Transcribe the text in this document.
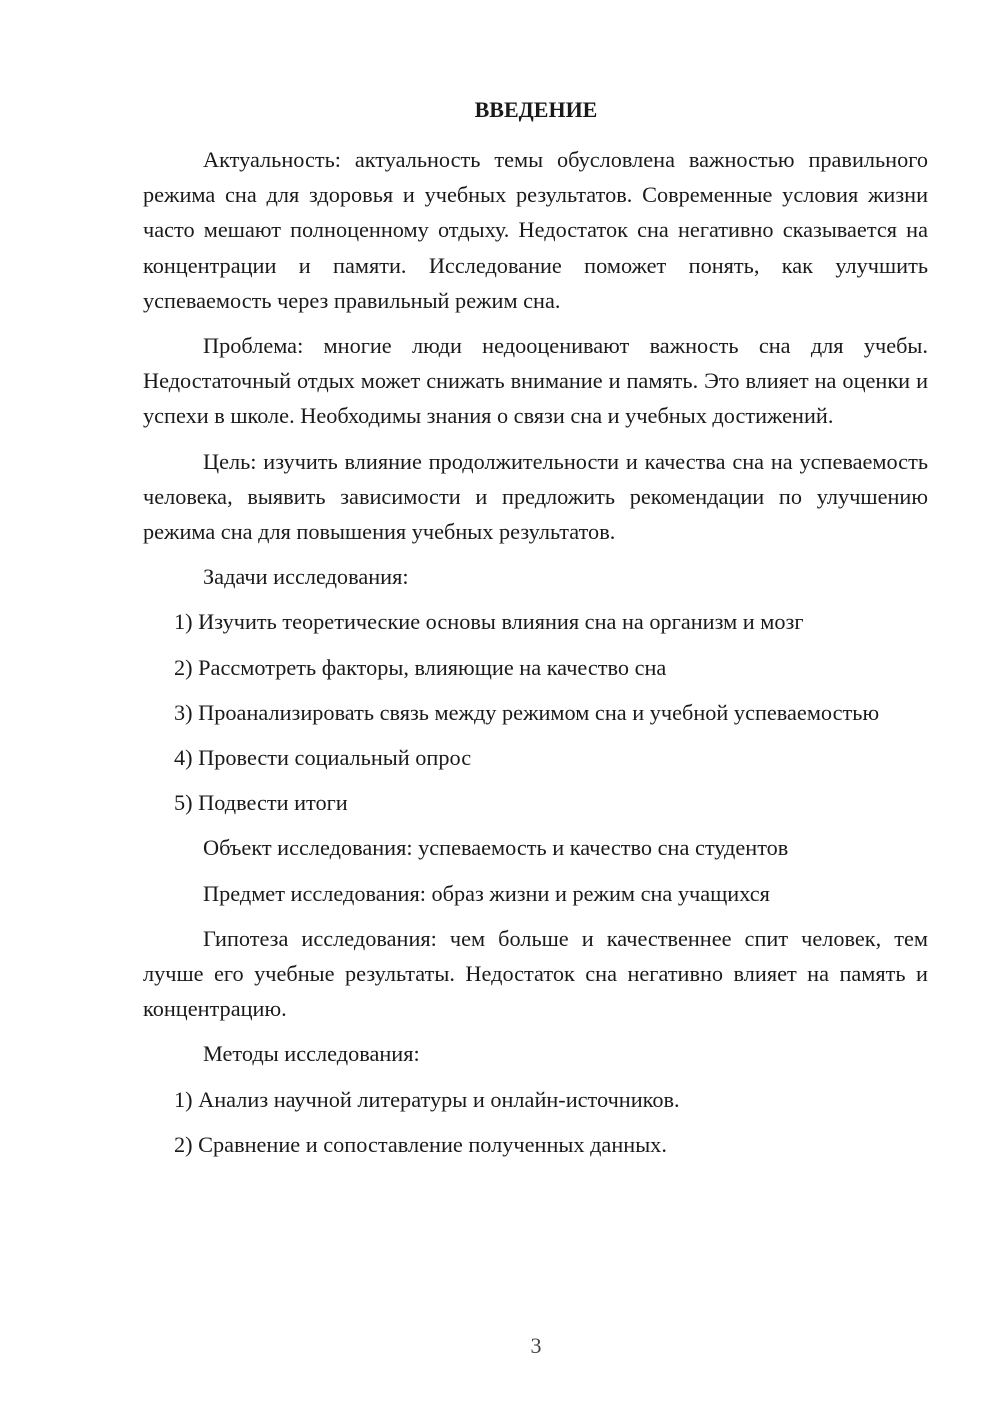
ВВЕДЕНИЕ

Актуальность: актуальность темы обусловлена важностью правильного режима сна для здоровья и учебных результатов. Современные условия жизни часто мешают полноценному отдыху. Недостаток сна негативно сказывается на концентрации и памяти. Исследование поможет понять, как улучшить успеваемость через правильный режим сна.

Проблема: многие люди недооценивают важность сна для учебы. Недостаточный отдых может снижать внимание и память. Это влияет на оценки и успехи в школе. Необходимы знания о связи сна и учебных достижений.

Цель: изучить влияние продолжительности и качества сна на успеваемость человека, выявить зависимости и предложить рекомендации по улучшению режима сна для повышения учебных результатов.

Задачи исследования:

1) Изучить теоретические основы влияния сна на организм и мозг

2) Рассмотреть факторы, влияющие на качество сна

3) Проанализировать связь между режимом сна и учебной успеваемостью

4) Провести социальный опрос

5) Подвести итоги

Объект исследования: успеваемость и качество сна студентов

Предмет исследования: образ жизни и режим сна учащихся

Гипотеза исследования: чем больше и качественнее спит человек, тем лучше его учебные результаты. Недостаток сна негативно влияет на память и концентрацию.

Методы исследования:

1) Анализ научной литературы и онлайн-источников.

2) Сравнение и сопоставление полученных данных.

3
